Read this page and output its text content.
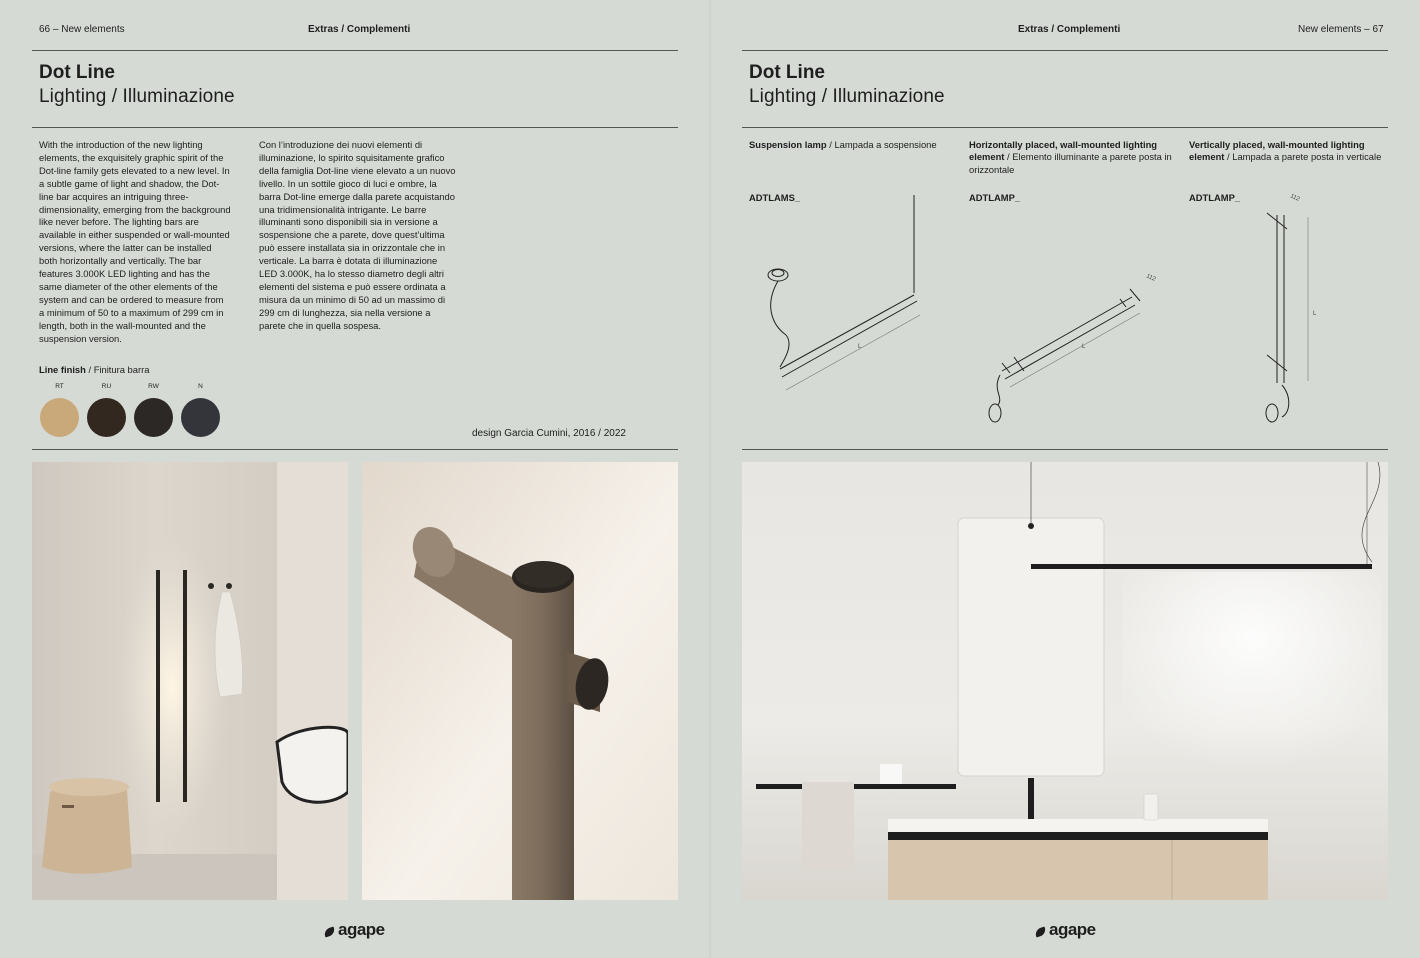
66 – New elements	Extras / Complementi
Dot Line
Lighting / Illuminazione
With the introduction of the new lighting elements, the exquisitely graphic spirit of the Dot-line family gets elevated to a new level. In a subtle game of light and shadow, the Dot-line bar acquires an intriguing three-dimensionality, emerging from the background like never before. The lighting bars are available in either suspended or wall-mounted versions, where the latter can be installed both horizontally and vertically. The bar features 3.000K LED lighting and has the same diameter of the other elements of the system and can be ordered to measure from a minimum of 50 to a maximum of 299 cm in length, both in the wall-mounted and the suspension version.
Con l’introduzione dei nuovi elementi di illuminazione, lo spirito squisitamente grafico della famiglia Dot-line viene elevato a un nuovo livello. In un sottile gioco di luci e ombre, la barra Dot-line emerge dalla parete acquistando una tridimensionalità intrigante. Le barre illuminanti sono disponibili sia in versione a sospensione che a parete, dove quest’ultima può essere installata sia in orizzontale che in verticale. La barra è dotata di illuminazione LED 3.000K, ha lo stesso diametro degli altri elementi del sistema e può essere ordinata a misura da un minimo di 50 ad un massimo di 299 cm di lunghezza, sia nella versione a parete che in quella sospesa.
Line finish / Finitura barra
RT	RU	RW	N
design Garcia Cumini, 2016 / 2022
agape
Extras / Complementi	New elements – 67
Dot Line
Lighting / Illuminazione
Suspension lamp / Lampada a sospensione	Horizontally placed, wall-mounted lighting element / Elemento illuminante a parete posta in orizzontale
Vertically placed, wall-mounted lighting element / Lampada a parete posta in verticale
ADTLAMS_	ADTLAMP_	ADTLAMP_
L	L
112
L
112
agape
